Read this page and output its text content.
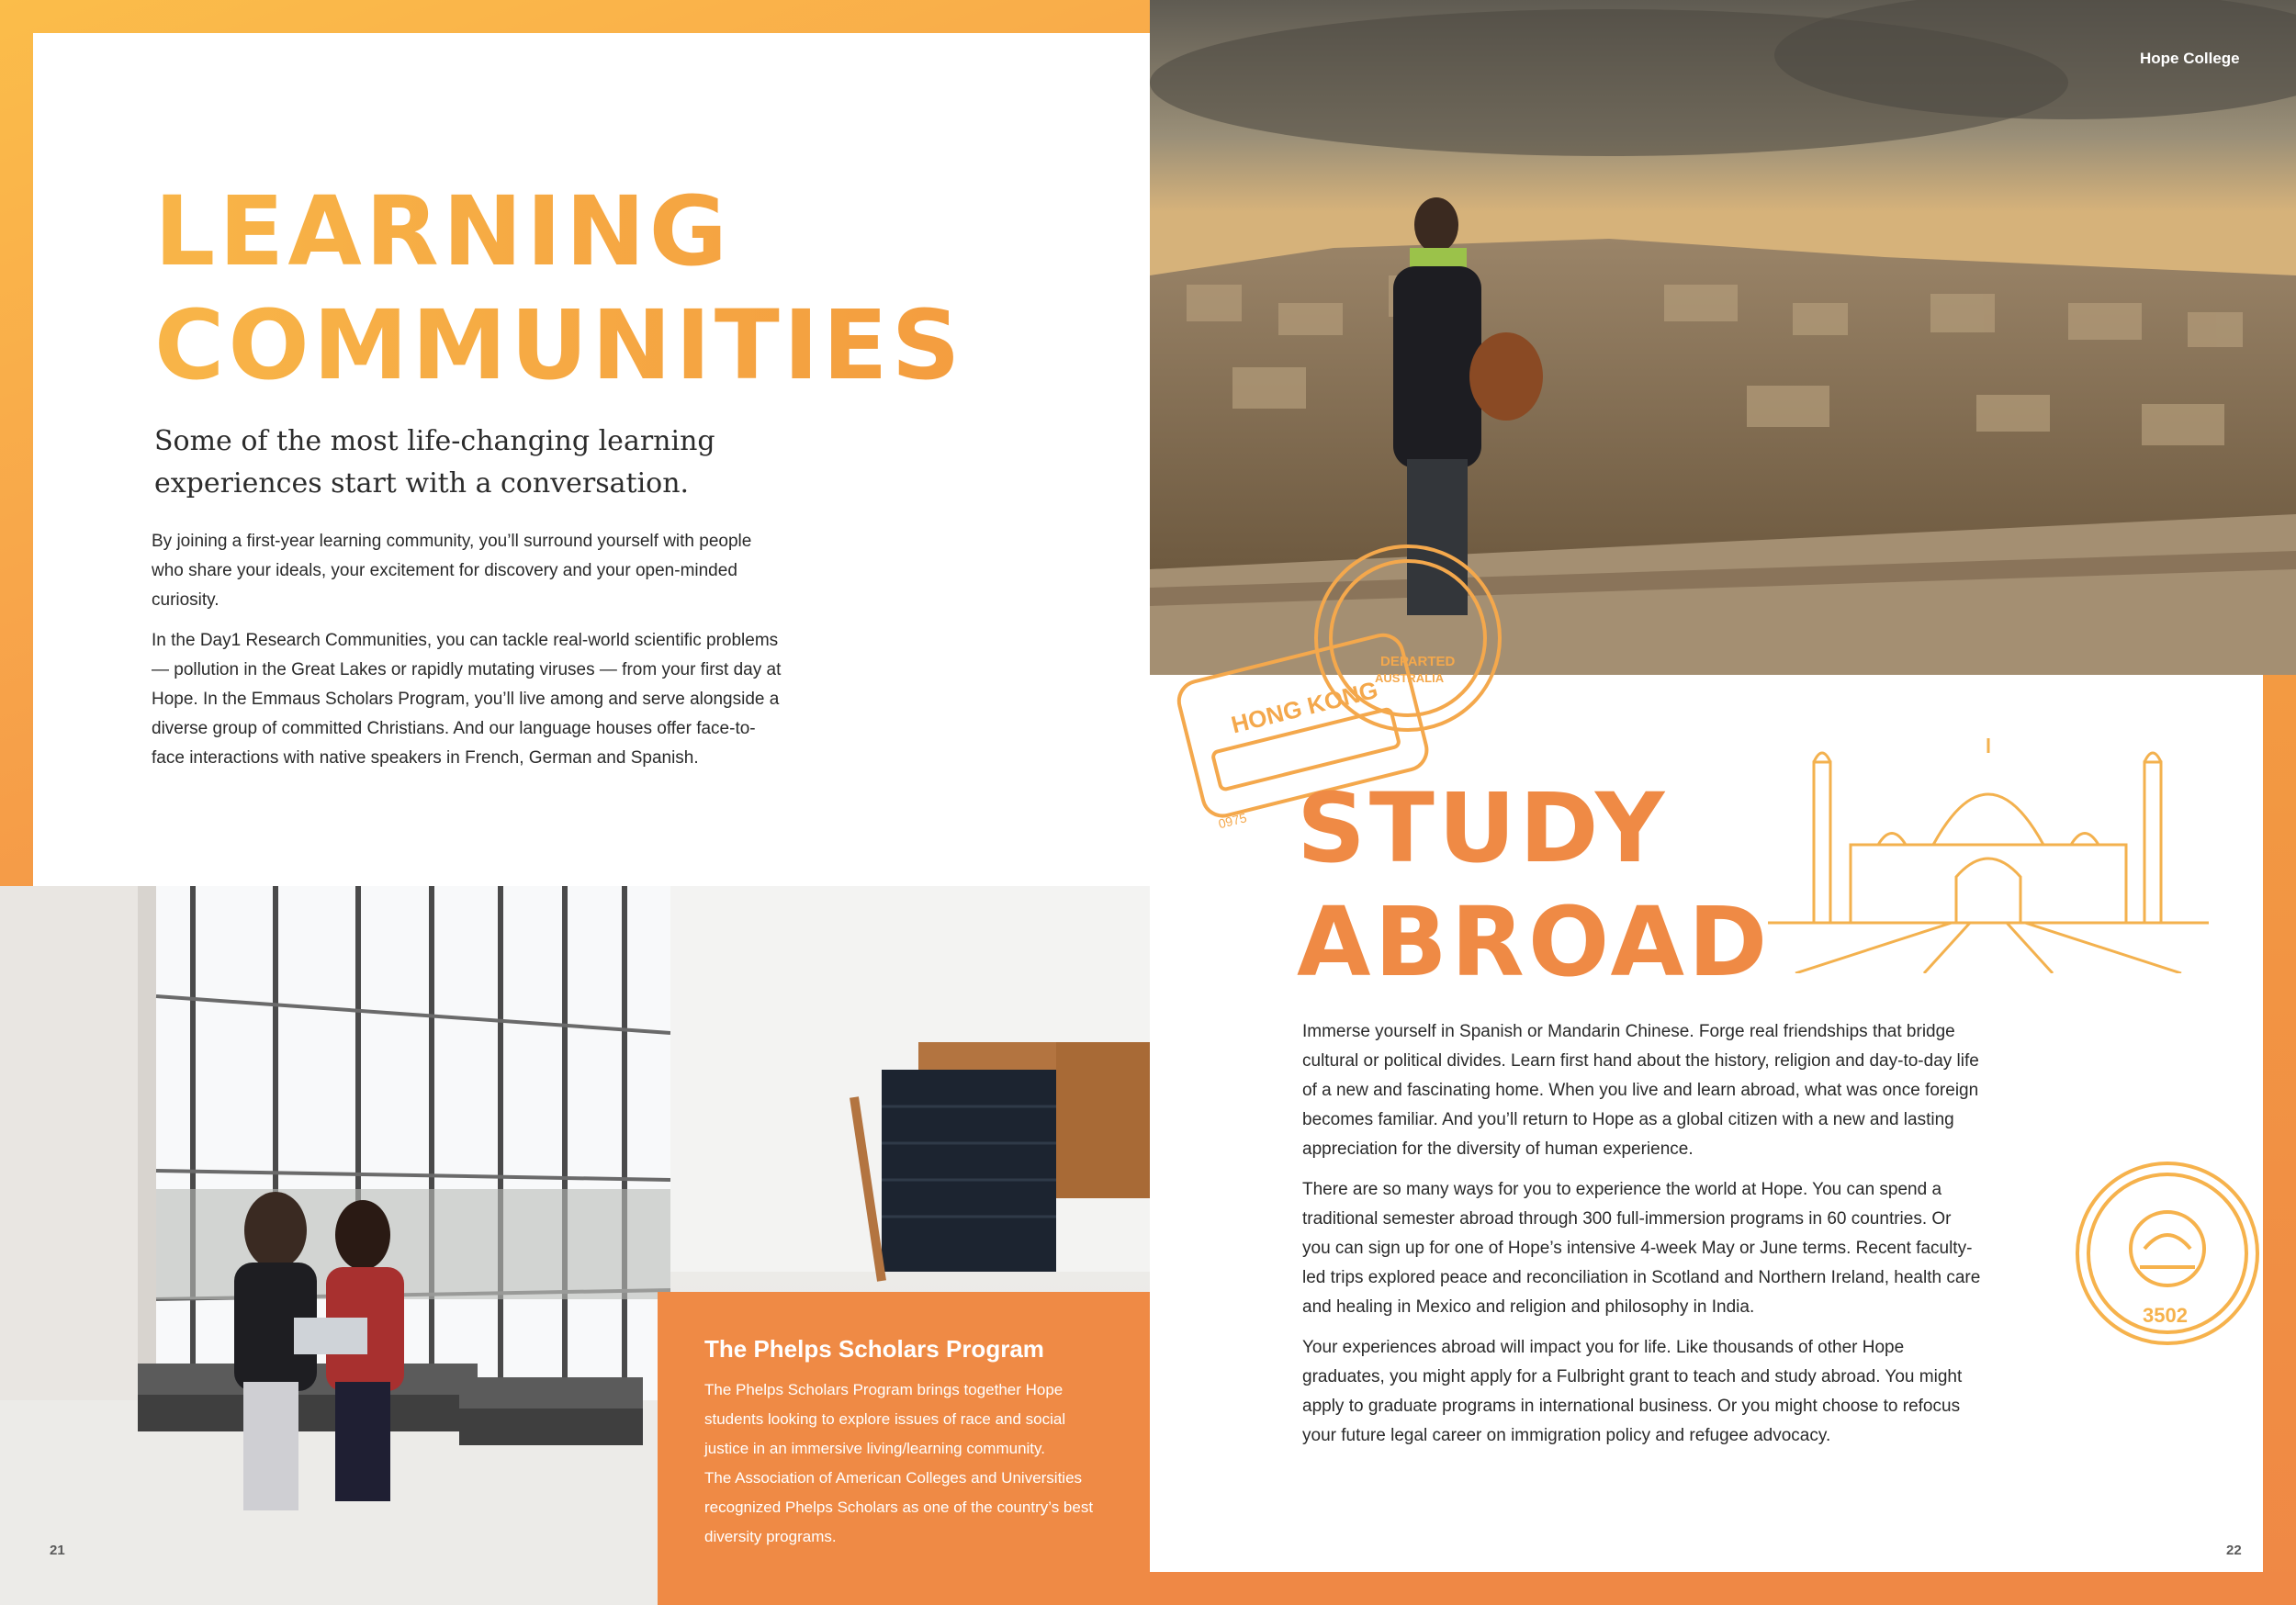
LEARNING
COMMUNITIES
Some of the most life-changing learning
experiences start with a conversation.

By joining a first-year learning community, you’ll surround yourself with people who share your ideals, your excitement for discovery and your open-minded curiosity.

In the Day1 Research Communities, you can tackle real-world scientific problems — pollution in the Great Lakes or rapidly mutating viruses — from your first day at Hope. In the Emmaus Scholars Program, you’ll live among and serve alongside a diverse group of committed Christians. And our language houses offer face-to-face interactions with native speakers in French, German and Spanish.

The Phelps Scholars Program
The Phelps Scholars Program brings together Hope students looking to explore issues of race and social justice in an immersive living/learning community.
The Association of American Colleges and Universities recognized Phelps Scholars as one of the country’s best diversity programs.
21
Hope College
HONG KONG
0975
DEPARTED
AUSTRALIA
3502
STUDY
ABROAD

Immerse yourself in Spanish or Mandarin Chinese. Forge real friendships that bridge cultural or political divides. Learn first hand about the history, religion and day-to-day life of a new and fascinating home. When you live and learn abroad, what was once foreign becomes familiar. And you’ll return to Hope as a global citizen with a new and lasting appreciation for the diversity of human experience.

There are so many ways for you to experience the world at Hope. You can spend a traditional semester abroad through 300 full-immersion programs in 60 countries. Or you can sign up for one of Hope’s intensive 4-week May or June terms. Recent faculty-led trips explored peace and reconciliation in Scotland and Northern Ireland, health care and healing in Mexico and religion and philosophy in India.

Your experiences abroad will impact you for life. Like thousands of other Hope graduates, you might apply for a Fulbright grant to teach and study abroad. You might apply to graduate programs in international business. Or you might choose to refocus your future legal career on immigration policy and refugee advocacy.

22
